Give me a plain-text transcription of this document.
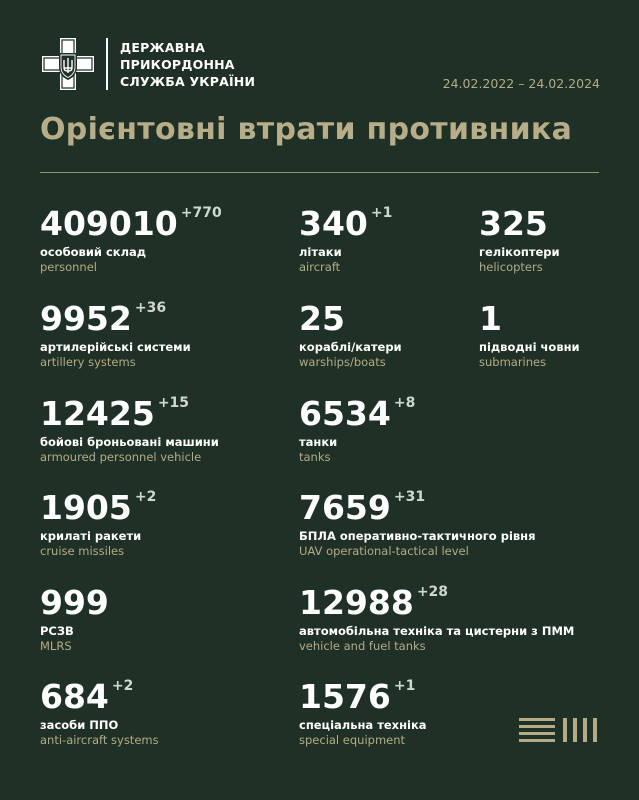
ДЕРЖАВНА
ПРИКОРДОННА
СЛУЖБА УКРАЇНИ	24.02.2022 – 24.02.2024
Орієнтовні втрати противника
409010 +770
особовий склад
personnel
340 +1
літаки
aircraft
325
гелікоптери
helicopters
9952 +36
артилерійські системи
artillery systems
25
кораблі/катери
warships/boats
1
підводні човни
submarines
12425 +15
бойові броньовані машини
armoured personnel vehicle
6534 +8
танки
tanks
1905 +2
крилаті ракети
cruise missiles
7659 +31
БПЛА оперативно-тактичного рівня
UAV operational-tactical level
999
РСЗВ
MLRS
12988 +28
автомобільна техніка та цистерни з ПММ
vehicle and fuel tanks
684 +2
засоби ППО
anti-aircraft systems
1576 +1
спеціальна техніка
special equipment
